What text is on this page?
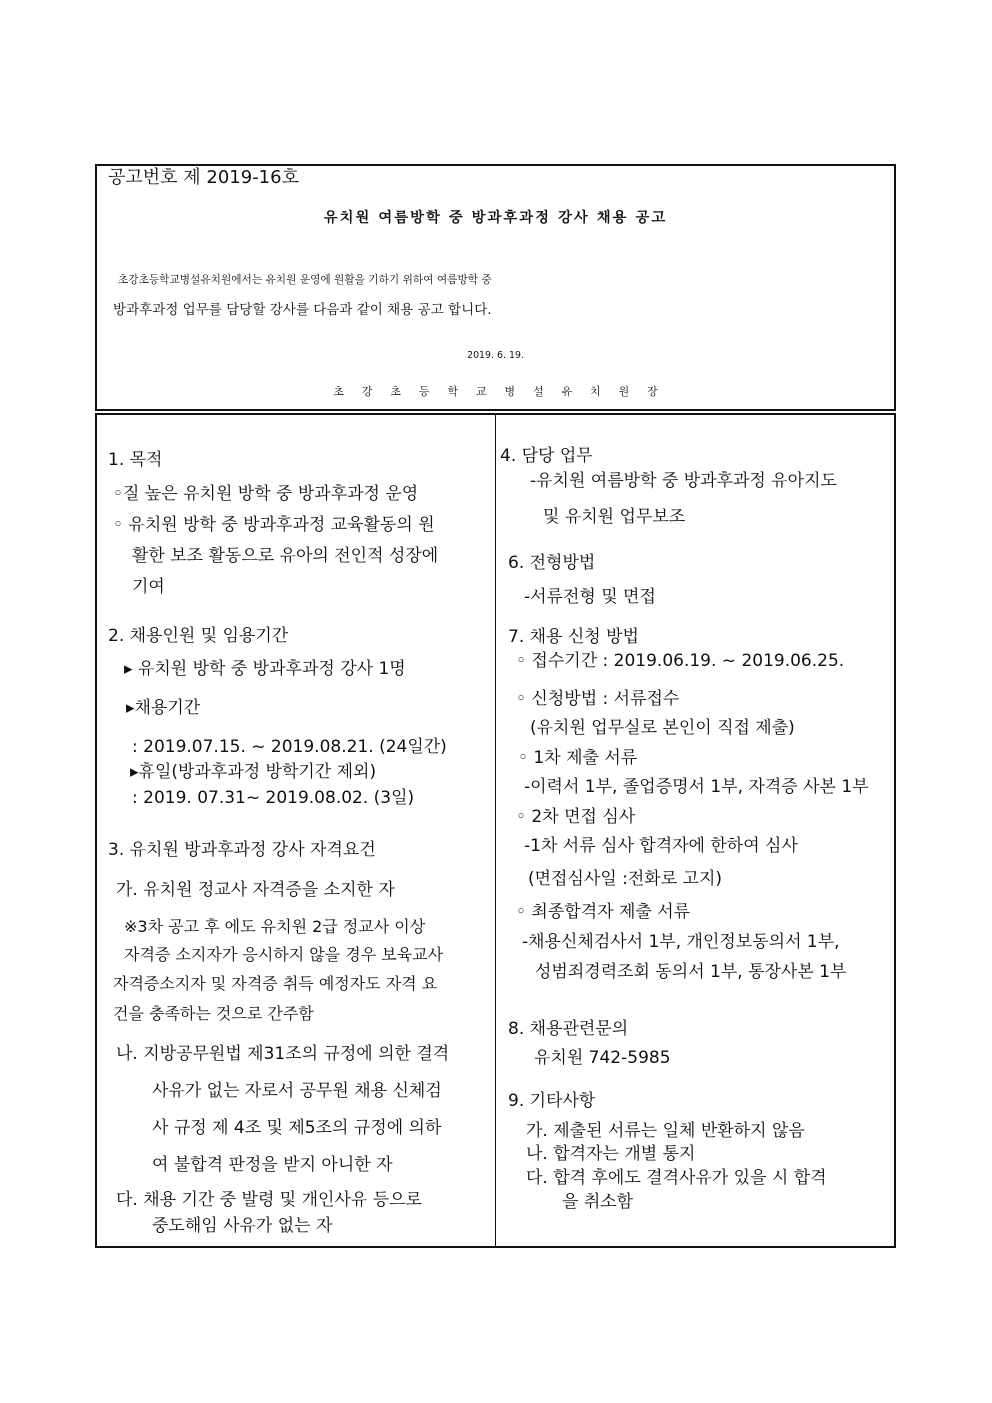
공고번호 제 2019-16호
유치원 여름방학 중 방과후과정 강사 채용 공고
초강초등학교병설유치원에서는 유치원 운영에 원활을 기하기 위하여 여름방학 중
방과후과정 업무를 담당할 강사를 다음과 같이 채용 공고 합니다.
2019. 6. 19.
초강초등학교병설유치원장
1. 목적
◦질 높은 유치원 방학 중 방과후과정 운영
◦ 유치원 방학 중 방과후과정 교육활동의 원
활한 보조 활동으로 유아의 전인적 성장에
기여
2. 채용인원 및 임용기간
▸ 유치원 방학 중 방과후과정 강사 1명
▸채용기간
: 2019.07.15. ~ 2019.08.21. (24일간)
▸휴일(방과후과정 방학기간 제외)
: 2019. 07.31~ 2019.08.02. (3일)
3. 유치원 방과후과정 강사 자격요건
가. 유치원 정교사 자격증을 소지한 자
※3차 공고 후 에도 유치원 2급 정교사 이상
자격증 소지자가 응시하지 않을 경우 보육교사
자격증소지자 및 자격증 취득 예정자도 자격 요
건을 충족하는 것으로 간주함
나. 지방공무원법 제31조의 규정에 의한 결격
사유가 없는 자로서 공무원 채용 신체검
사 규정 제 4조 및 제5조의 규정에 의하
여 불합격 판정을 받지 아니한 자
다. 채용 기간 중 발령 및 개인사유 등으로
중도해임 사유가 없는 자
4. 담당 업무
-유치원 여름방학 중 방과후과정 유아지도
및 유치원 업무보조
6. 전형방법
-서류전형 및 면접
7. 채용 신청 방법
◦ 접수기간 : 2019.06.19. ~ 2019.06.25.
◦ 신청방법 : 서류접수
(유치원 업무실로 본인이 직접 제출)
◦ 1차 제출 서류
-이력서 1부, 졸업증명서 1부, 자격증 사본 1부
◦ 2차 면접 심사
-1차 서류 심사 합격자에 한하여 심사
(면접심사일 :전화로 고지)
◦ 최종합격자 제출 서류
-채용신체검사서 1부, 개인정보동의서 1부,
성범죄경력조회 동의서 1부, 통장사본 1부
8. 채용관련문의
유치원 742-5985
9. 기타사항
가. 제출된 서류는 일체 반환하지 않음
나. 합격자는 개별 통지
다. 합격 후에도 결격사유가 있을 시 합격
을 취소함
